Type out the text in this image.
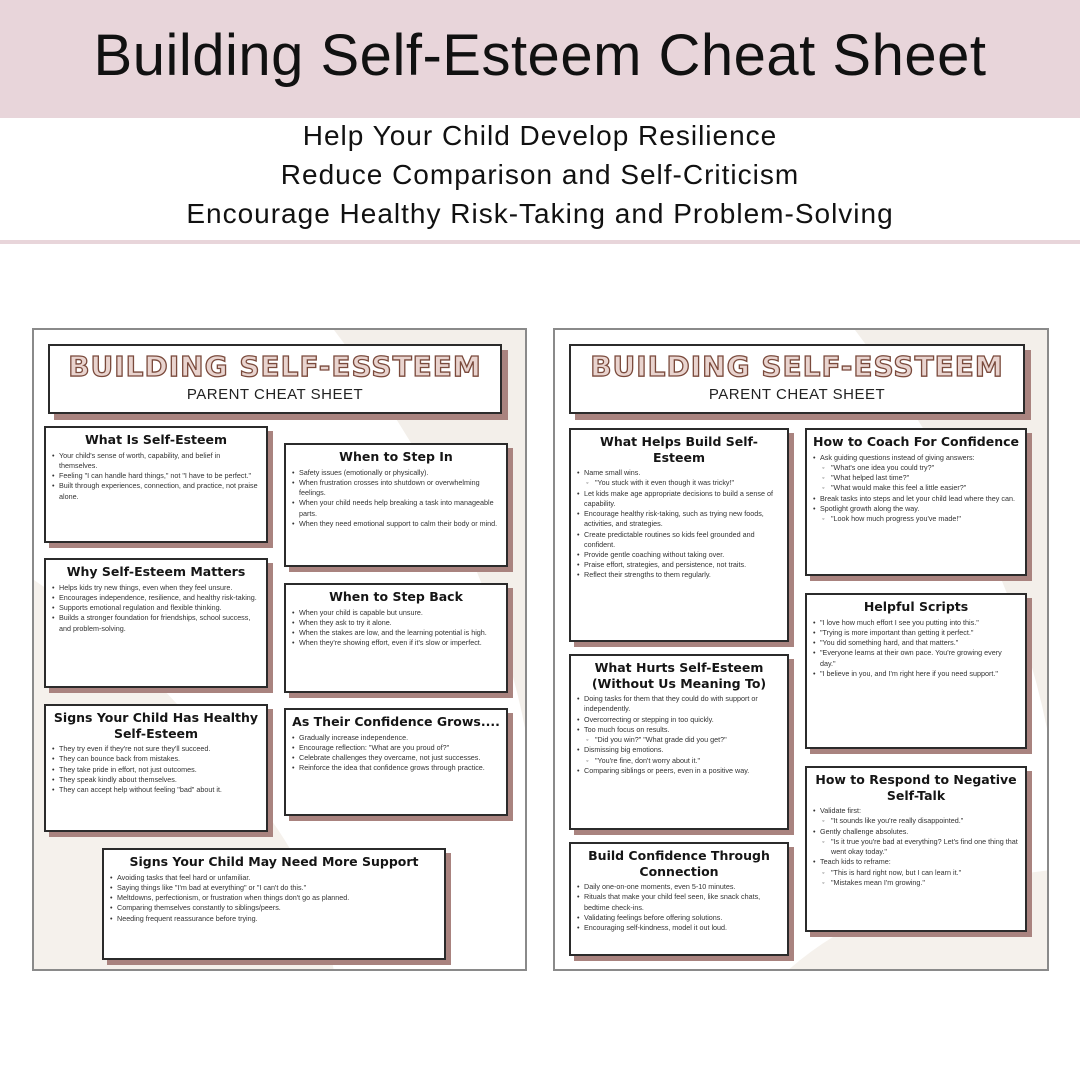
Building Self-Esteem Cheat Sheet
Help Your Child Develop Resilience
Reduce Comparison and Self-Criticism
Encourage Healthy Risk-Taking and Problem-Solving
BUILDING SELF-ESSTEEM
PARENT CHEAT SHEET
What Is Self-Esteem
• Your child's sense of worth, capability, and belief in themselves.
• Feeling "I can handle hard things," not "I have to be perfect."
• Built through experiences, connection, and practice, not praise alone.
When to Step In
• Safety issues (emotionally or physically).
• When frustration crosses into shutdown or overwhelming feelings.
• When your child needs help breaking a task into manageable parts.
• When they need emotional support to calm their body or mind.
Why Self-Esteem Matters
• Helps kids try new things, even when they feel unsure.
• Encourages independence, resilience, and healthy risk-taking.
• Supports emotional regulation and flexible thinking.
• Builds a stronger foundation for friendships, school success, and problem-solving.
When to Step Back
• When your child is capable but unsure.
• When they ask to try it alone.
• When the stakes are low, and the learning potential is high.
• When they're showing effort, even if it's slow or imperfect.
Signs Your Child Has Healthy Self-Esteem
• They try even if they're not sure they'll succeed.
• They can bounce back from mistakes.
• They take pride in effort, not just outcomes.
• They speak kindly about themselves.
• They can accept help without feeling "bad" about it.
As Their Confidence Grows....
• Gradually increase independence.
• Encourage reflection: "What are you proud of?"
• Celebrate challenges they overcame, not just successes.
• Reinforce the idea that confidence grows through practice.
Signs Your Child May Need More Support
• Avoiding tasks that feel hard or unfamiliar.
• Saying things like "I'm bad at everything" or "I can't do this."
• Meltdowns, perfectionism, or frustration when things don't go as planned.
• Comparing themselves constantly to siblings/peers.
• Needing frequent reassurance before trying.
BUILDING SELF-ESSTEEM
PARENT CHEAT SHEET
What Helps Build Self-Esteem
• Name small wins.
◦ "You stuck with it even though it was tricky!"
• Let kids make age appropriate decisions to build a sense of capability.
• Encourage healthy risk-taking, such as trying new foods, activities, and strategies.
• Create predictable routines so kids feel grounded and confident.
• Provide gentle coaching without taking over.
• Praise effort, strategies, and persistence, not traits.
• Reflect their strengths to them regularly.
How to Coach For Confidence
• Ask guiding questions instead of giving answers:
◦ "What's one idea you could try?"
◦ "What helped last time?"
◦ "What would make this feel a little easier?"
• Break tasks into steps and let your child lead where they can.
• Spotlight growth along the way.
◦ "Look how much progress you've made!"
Helpful Scripts
• "I love how much effort I see you putting into this."
• "Trying is more important than getting it perfect."
• "You did something hard, and that matters."
• "Everyone learns at their own pace. You're growing every day."
• "I believe in you, and I'm right here if you need support."
What Hurts Self-Esteem (Without Us Meaning To)
• Doing tasks for them that they could do with support or independently.
• Overcorrecting or stepping in too quickly.
• Too much focus on results.
◦ "Did you win?" "What grade did you get?"
• Dismissing big emotions.
◦ "You're fine, don't worry about it."
• Comparing siblings or peers, even in a positive way.
How to Respond to Negative Self-Talk
• Validate first:
◦ "It sounds like you're really disappointed."
• Gently challenge absolutes.
◦ "Is it true you're bad at everything? Let's find one thing that went okay today."
• Teach kids to reframe:
◦ "This is hard right now, but I can learn it."
◦ "Mistakes mean I'm growing."
Build Confidence Through Connection
• Daily one-on-one moments, even 5-10 minutes.
• Rituals that make your child feel seen, like snack chats, bedtime check-ins.
• Validating feelings before offering solutions.
• Encouraging self-kindness, model it out loud.
